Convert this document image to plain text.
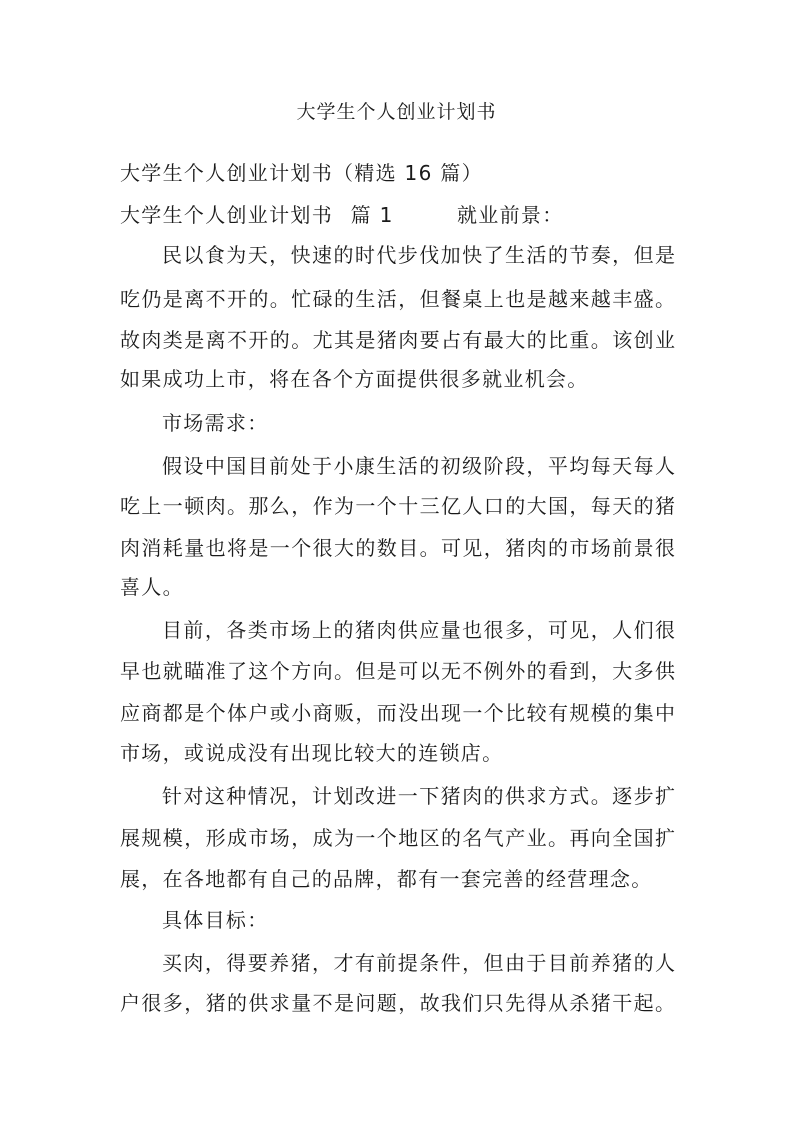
大学生个人创业计划书
大学生个人创业计划书（精选 16 篇）
大学生个人创业计划书 篇 1	就业前景：
民以食为天，快速的时代步伐加快了生活的节奏，但是
吃仍是离不开的。忙碌的生活，但餐桌上也是越来越丰盛。
故肉类是离不开的。尤其是猪肉要占有最大的比重。该创业
如果成功上市，将在各个方面提供很多就业机会。
市场需求：
假设中国目前处于小康生活的初级阶段，平均每天每人
吃上一顿肉。那么，作为一个十三亿人口的大国，每天的猪
肉消耗量也将是一个很大的数目。可见，猪肉的市场前景很
喜人。
目前，各类市场上的猪肉供应量也很多，可见，人们很
早也就瞄准了这个方向。但是可以无不例外的看到，大多供
应商都是个体户或小商贩，而没出现一个比较有规模的集中
市场，或说成没有出现比较大的连锁店。
针对这种情况，计划改进一下猪肉的供求方式。逐步扩
展规模，形成市场，成为一个地区的名气产业。再向全国扩
展，在各地都有自己的品牌，都有一套完善的经营理念。
具体目标：
买肉，得要养猪，才有前提条件，但由于目前养猪的人
户很多，猪的供求量不是问题，故我们只先得从杀猪干起。
